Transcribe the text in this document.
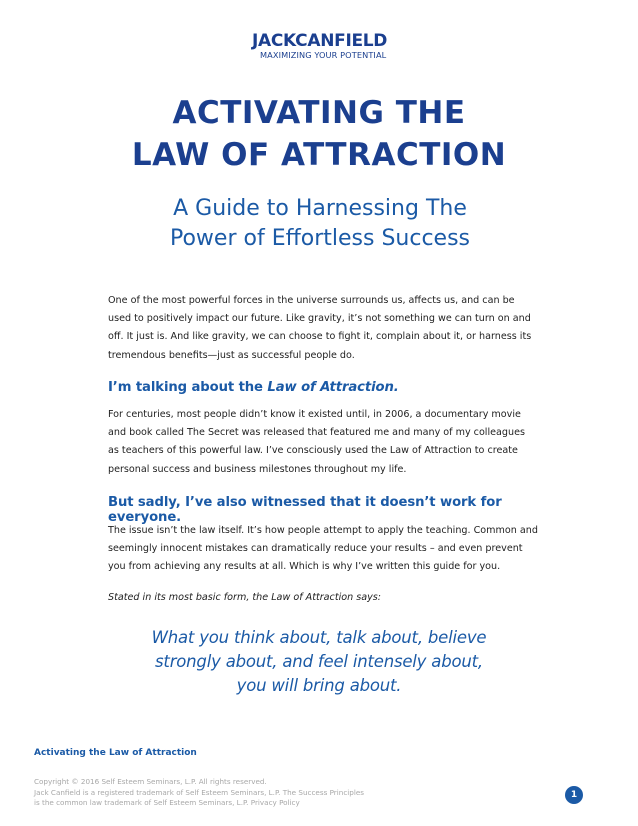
JACKCANFIELD
MAXIMIZING YOUR POTENTIAL
ACTIVATING THE
LAW OF ATTRACTION
A Guide to Harnessing The
Power of Effortless Success
One of the most powerful forces in the universe surrounds us, affects us, and can be used to positively impact our future. Like gravity, it’s not something we can turn on and off. It just is. And like gravity, we can choose to fight it, complain about it, or harness its tremendous benefits—just as successful people do.
I’m talking about the Law of Attraction.
For centuries, most people didn’t know it existed until, in 2006, a documentary movie and book called The Secret was released that featured me and many of my colleagues as teachers of this powerful law. I’ve consciously used the Law of Attraction to create personal success and business milestones throughout my life.
But sadly, I’ve also witnessed that it doesn’t work for everyone.
The issue isn’t the law itself. It’s how people attempt to apply the teaching. Common and seemingly innocent mistakes can dramatically reduce your results – and even prevent you from achieving any results at all. Which is why I’ve written this guide for you.
Stated in its most basic form, the Law of Attraction says:
What you think about, talk about, believe
strongly about, and feel intensely about,
you will bring about.
Activating the Law of Attraction
Copyright © 2016 Self Esteem Seminars, L.P. All rights reserved.
Jack Canfield is a registered trademark of Self Esteem Seminars, L.P. The Success Principles
is the common law trademark of Self Esteem Seminars, L.P. Privacy Policy
1
